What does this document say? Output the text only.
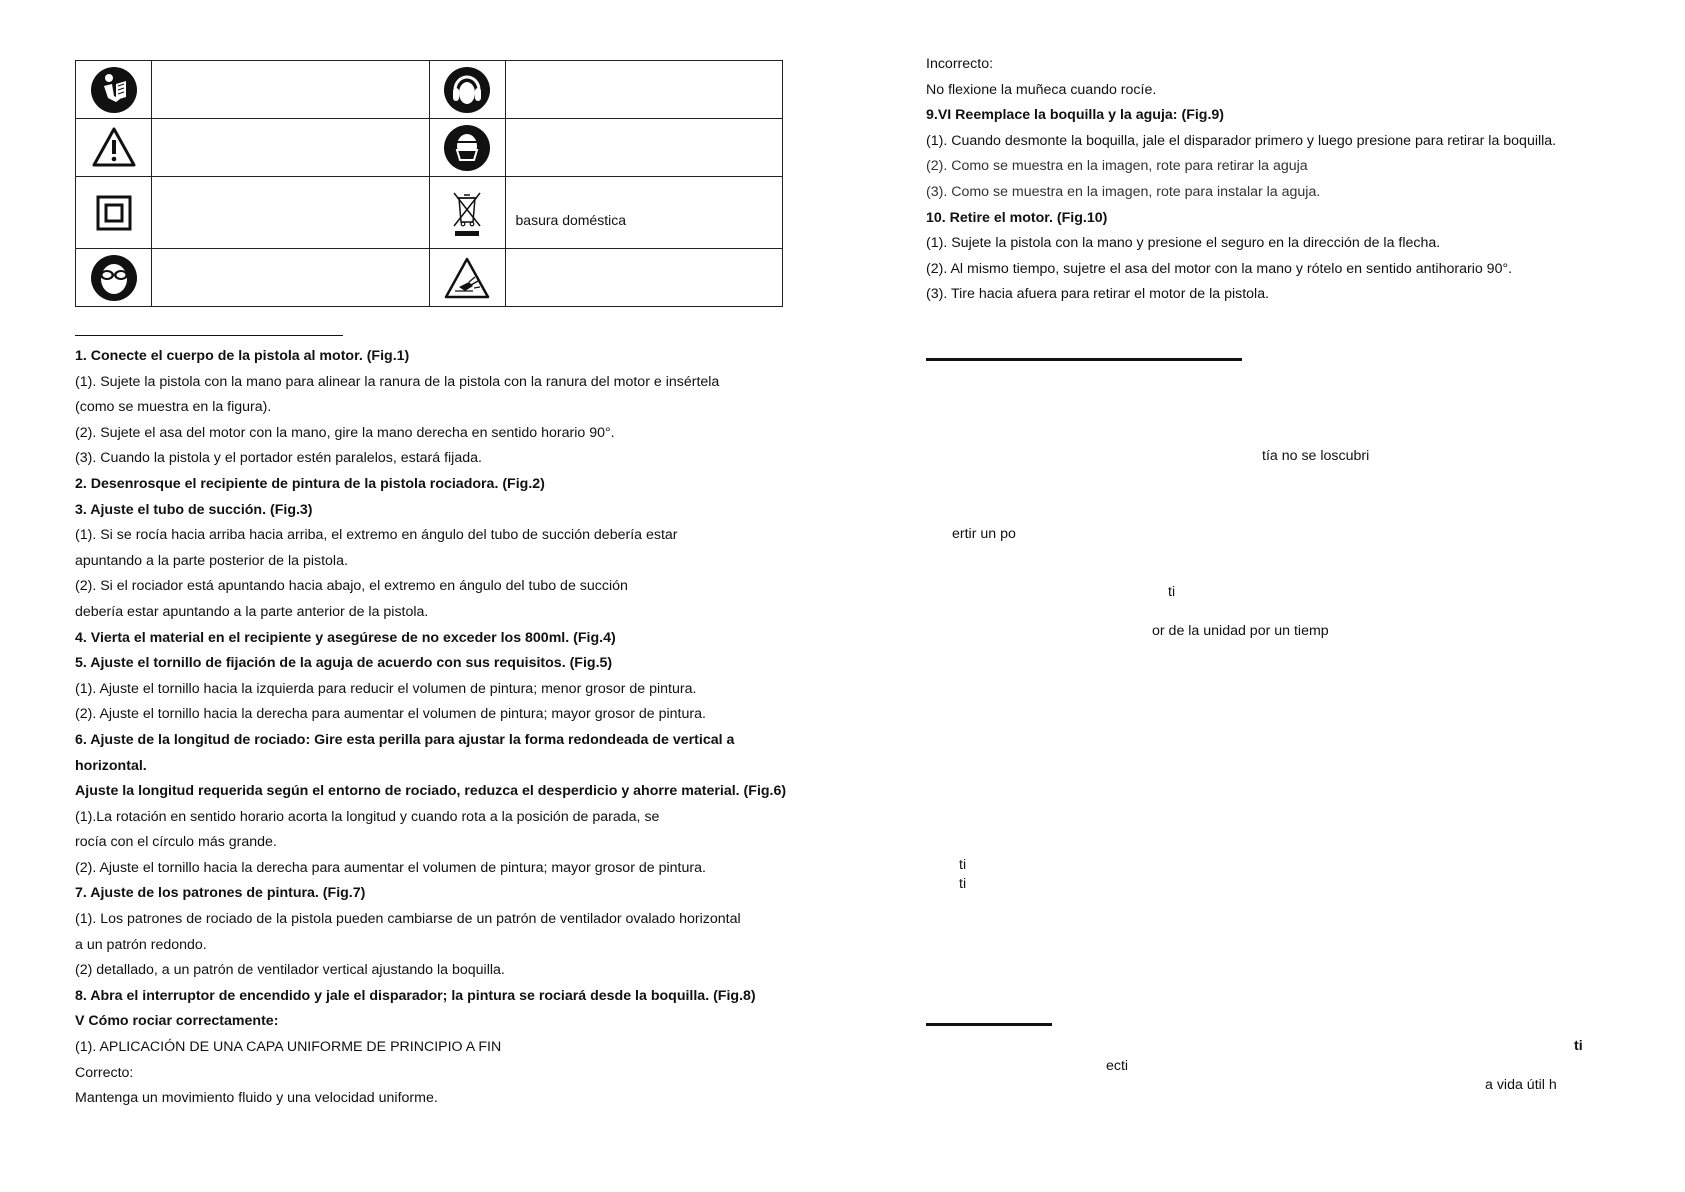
	basura doméstica

1. Conecte el cuerpo de la pistola al motor. (Fig.1)

(1). Sujete la pistola con la mano para alinear la ranura de la pistola con la ranura del motor e insértela

(como se muestra en la figura).

(2). Sujete el asa del motor con la mano, gire la mano derecha en sentido horario 90°.

(3). Cuando la pistola y el portador estén paralelos, estará fijada.

2. Desenrosque el recipiente de pintura de la pistola rociadora. (Fig.2)

3. Ajuste el tubo de succión. (Fig.3)

(1). Si se rocía hacia arriba hacia arriba, el extremo en ángulo del tubo de succión debería estar

apuntando a la parte posterior de la pistola.

(2). Si el rociador está apuntando hacia abajo, el extremo en ángulo del tubo de succión

debería estar apuntando a la parte anterior de la pistola.

4. Vierta el material en el recipiente y asegúrese de no exceder los 800ml. (Fig.4)

5. Ajuste el tornillo de fijación de la aguja de acuerdo con sus requisitos. (Fig.5)

(1). Ajuste el tornillo hacia la izquierda para reducir el volumen de pintura; menor grosor de pintura.

(2). Ajuste el tornillo hacia la derecha para aumentar el volumen de pintura; mayor grosor de pintura.

6. Ajuste de la longitud de rociado: Gire esta perilla para ajustar la forma redondeada de vertical a

horizontal.

Ajuste la longitud requerida según el entorno de rociado, reduzca el desperdicio y ahorre material. (Fig.6)

(1).La rotación en sentido horario acorta la longitud y cuando rota a la posición de parada, se

rocía con el círculo más grande.

(2). Ajuste el tornillo hacia la derecha para aumentar el volumen de pintura; mayor grosor de pintura.

7. Ajuste de los patrones de pintura. (Fig.7)

(1). Los patrones de rociado de la pistola pueden cambiarse de un patrón de ventilador ovalado horizontal

a un patrón redondo.

(2) detallado, a un patrón de ventilador vertical ajustando la boquilla.

8. Abra el interruptor de encendido y jale el disparador; la pintura se rociará desde la boquilla. (Fig.8)

V Cómo rociar correctamente:

(1). APLICACIÓN DE UNA CAPA UNIFORME DE PRINCIPIO A FIN

Correcto:

Mantenga un movimiento fluido y una velocidad uniforme.

Incorrecto:

No flexione la muñeca cuando rocíe.

9.VI Reemplace la boquilla y la aguja: (Fig.9)

(1). Cuando desmonte la boquilla, jale el disparador primero y luego presione para retirar la boquilla.

(2). Como se muestra en la imagen, rote para retirar la aguja

(3). Como se muestra en la imagen, rote para instalar la aguja.

10. Retire el motor. (Fig.10)

(1). Sujete la pistola con la mano y presione el seguro en la dirección de la flecha.

(2). Al mismo tiempo, sujetre el asa del motor con la mano y rótelo en sentido antihorario 90°.

(3). Tire hacia afuera para retirar el motor de la pistola.

tía no se loscubri
ertir un po
ti
or de la unidad por un tiemp
ti
ti
ti
ecti
a vida útil h
